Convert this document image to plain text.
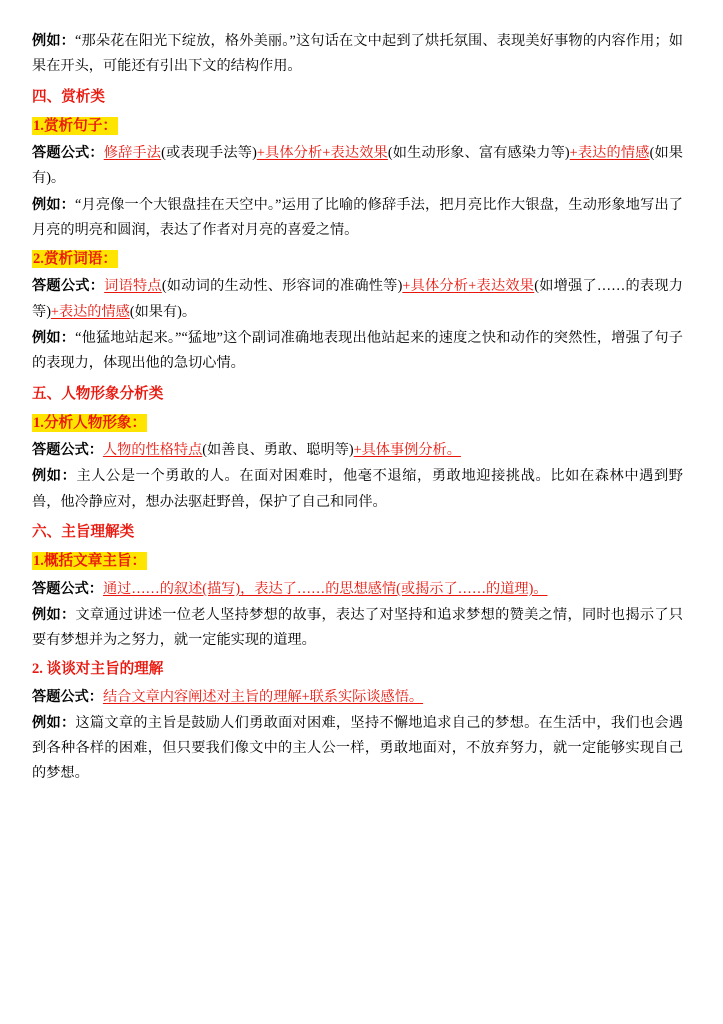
例如：“那朵花在阳光下绽放，格外美丽。”这句话在文中起到了烘托氛围、表现美好事物的内容作用；如果在开头，可能还有引出下文的结构作用。

四、赏析类

1.赏析句子：

答题公式：修辞手法(或表现手法等)+具体分析+表达效果(如生动形象、富有感染力等)+表达的情感(如果有)。

例如：“月亮像一个大银盘挂在天空中。”运用了比喻的修辞手法，把月亮比作大银盘，生动形象地写出了月亮的明亮和圆润，表达了作者对月亮的喜爱之情。

2.赏析词语：

答题公式：词语特点(如动词的生动性、形容词的准确性等)+具体分析+表达效果(如增强了……的表现力等)+表达的情感(如果有)。

例如：“他猛地站起来。”“猛地”这个副词准确地表现出他站起来的速度之快和动作的突然性，增强了句子的表现力，体现出他的急切心情。

五、人物形象分析类

1.分析人物形象：

答题公式：人物的性格特点(如善良、勇敢、聪明等)+具体事例分析。

例如：主人公是一个勇敢的人。在面对困难时，他毫不退缩，勇敢地迎接挑战。比如在森林中遇到野兽，他冷静应对，想办法驱赶野兽，保护了自己和同伴。

六、主旨理解类

1.概括文章主旨：

答题公式：通过……的叙述(描写)，表达了……的思想感情(或揭示了……的道理)。

例如：文章通过讲述一位老人坚持梦想的故事，表达了对坚持和追求梦想的赞美之情，同时也揭示了只要有梦想并为之努力，就一定能实现的道理。

2. 谈谈对主旨的理解

答题公式：结合文章内容阐述对主旨的理解+联系实际谈感悟。

例如：这篇文章的主旨是鼓励人们勇敢面对困难，坚持不懈地追求自己的梦想。在生活中，我们也会遇到各种各样的困难，但只要我们像文中的主人公一样，勇敢地面对，不放弃努力，就一定能够实现自己的梦想。
